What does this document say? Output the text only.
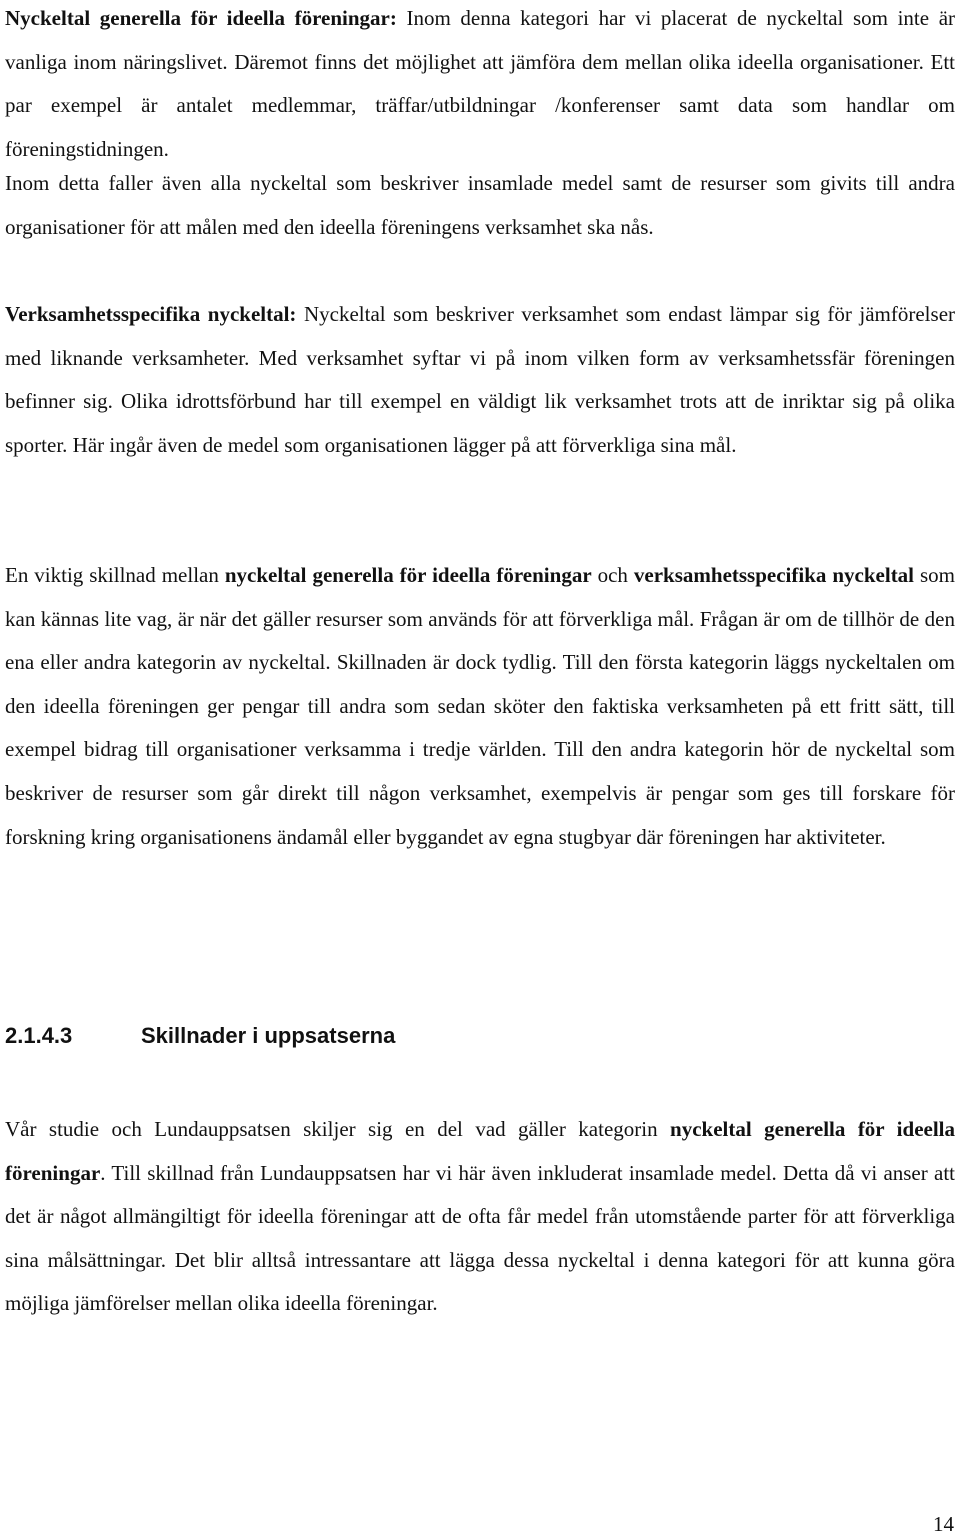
Nyckeltal generella för ideella föreningar: Inom denna kategori har vi placerat de nyckeltal som inte är vanliga inom näringslivet. Däremot finns det möjlighet att jämföra dem mellan olika ideella organisationer. Ett par exempel är antalet medlemmar, träffar/utbildningar /konferenser samt data som handlar om föreningstidningen.

Inom detta faller även alla nyckeltal som beskriver insamlade medel samt de resurser som givits till andra organisationer för att målen med den ideella föreningens verksamhet ska nås.

Verksamhetsspecifika nyckeltal: Nyckeltal som beskriver verksamhet som endast lämpar sig för jämförelser med liknande verksamheter. Med verksamhet syftar vi på inom vilken form av verksamhetssfär föreningen befinner sig. Olika idrottsförbund har till exempel en väldigt lik verksamhet trots att de inriktar sig på olika sporter. Här ingår även de medel som organisationen lägger på att förverkliga sina mål.

En viktig skillnad mellan nyckeltal generella för ideella föreningar och verksamhetsspecifika nyckeltal som kan kännas lite vag, är när det gäller resurser som används för att förverkliga mål. Frågan är om de tillhör de den ena eller andra kategorin av nyckeltal. Skillnaden är dock tydlig. Till den första kategorin läggs nyckeltalen om den ideella föreningen ger pengar till andra som sedan sköter den faktiska verksamheten på ett fritt sätt, till exempel bidrag till organisationer verksamma i tredje världen. Till den andra kategorin hör de nyckeltal som beskriver de resurser som går direkt till någon verksamhet, exempelvis är pengar som ges till forskare för forskning kring organisationens ändamål eller byggandet av egna stugbyar där föreningen har aktiviteter.

2.1.4.3	Skillnader i uppsatserna

Vår studie och Lundauppsatsen skiljer sig en del vad gäller kategorin nyckeltal generella för ideella föreningar. Till skillnad från Lundauppsatsen har vi här även inkluderat insamlade medel. Detta då vi anser att det är något allmängiltigt för ideella föreningar att de ofta får medel från utomstående parter för att förverkliga sina målsättningar. Det blir alltså intressantare att lägga dessa nyckeltal i denna kategori för att kunna göra möjliga jämförelser mellan olika ideella föreningar.

14
